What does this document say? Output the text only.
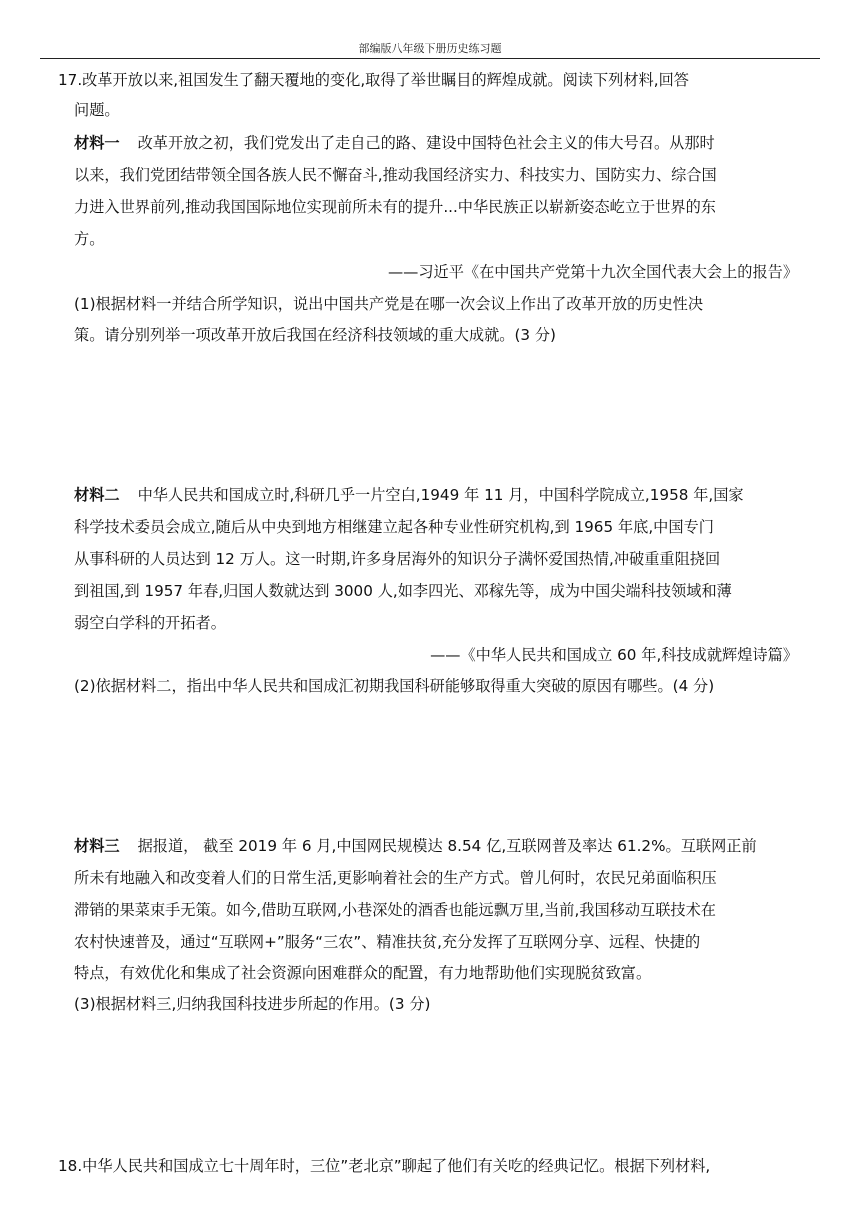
部编版八年级下册历史练习题
17.改革开放以来,祖国发生了翻天覆地的变化,取得了举世瞩目的辉煌成就。阅读下列材料,回答
问题。
材料一 改革开放之初，我们党发出了走自己的路、建设中国特色社会主义的伟大号召。从那时
以来，我们党团结带领全国各族人民不懈奋斗,推动我国经济实力、科技实力、国防实力、综合国
力进入世界前列,推动我国国际地位实现前所未有的提升...中华民族正以崭新姿态屹立于世界的东
方。
——习近平《在中国共产党第十九次全国代表大会上的报告》
(1)根据材料一并结合所学知识，说出中国共产党是在哪一次会议上作出了改革开放的历史性决
策。请分别列举一项改革开放后我国在经济科技领域的重大成就。(3 分)
材料二 中华人民共和国成立时,科研几乎一片空白,1949 年 11 月，中国科学院成立,1958 年,国家
科学技术委员会成立,随后从中央到地方相继建立起各种专业性研究机构,到 1965 年底,中国专门
从事科研的人员达到 12 万人。这一时期,许多身居海外的知识分子满怀爱国热情,冲破重重阻挠回
到祖国,到 1957 年春,归国人数就达到 3000 人,如李四光、邓稼先等，成为中国尖端科技领域和薄
弱空白学科的开拓者。
——《中华人民共和国成立 60 年,科技成就辉煌诗篇》
(2)依据材料二，指出中华人民共和国成汇初期我国科研能够取得重大突破的原因有哪些。(4 分)
材料三 据报道， 截至 2019 年 6 月,中国网民规模达 8.54 亿,互联网普及率达 61.2%。互联网正前
所未有地融入和改变着人们的日常生活,更影响着社会的生产方式。曾儿何时，农民兄弟面临积压
滞销的果菜束手无策。如今,借助互联网,小巷深处的酒香也能远飘万里,当前,我国移动互联技术在
农村快速普及，通过“互联网+”服务“三农”、精准扶贫,充分发挥了互联网分享、远程、快捷的
特点，有效优化和集成了社会资源向困难群众的配置，有力地帮助他们实现脱贫致富。
(3)根据材料三,归纳我国科技进步所起的作用。(3 分)
18.中华人民共和国成立七十周年时，三位”老北京”聊起了他们有关吃的经典记忆。根据下列材料,
